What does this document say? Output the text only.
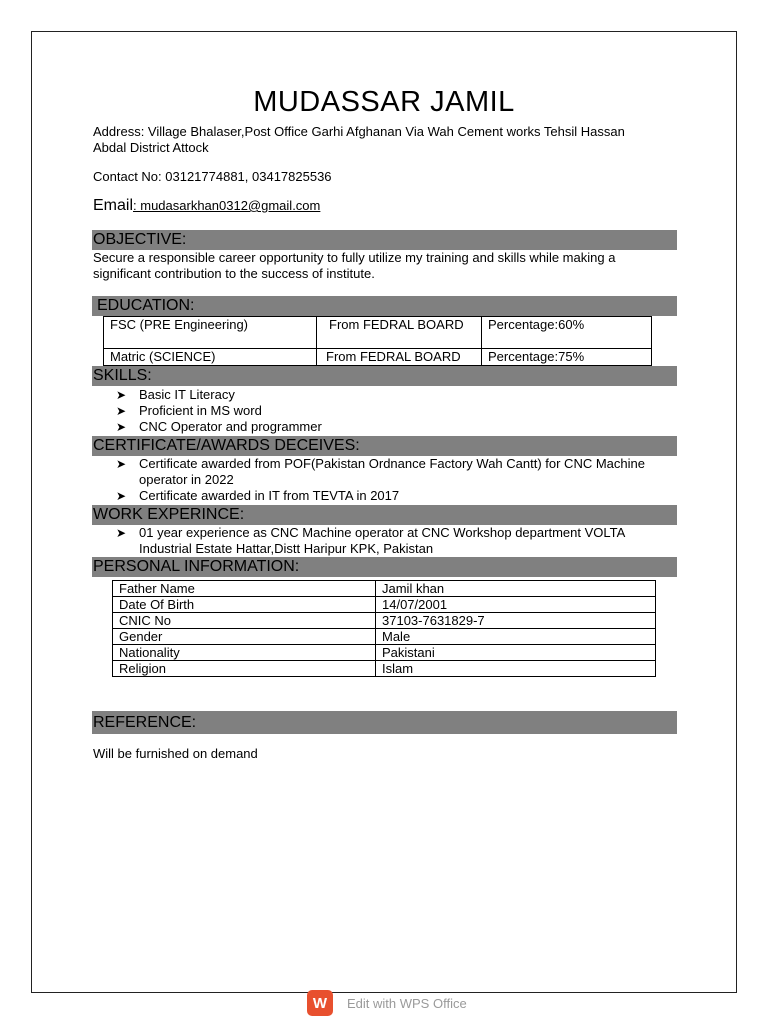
MUDASSAR JAMIL
Address: Village Bhalaser,Post Office Garhi Afghanan Via Wah Cement works Tehsil Hassan Abdal District Attock
Contact No: 03121774881, 03417825536
Email: mudasarkhan0312@gmail.com
OBJECTIVE:
Secure a responsible career opportunity to fully utilize my training and skills while making a significant contribution to the success of institute.
EDUCATION:
FSC (PRE Engineering)	From FEDRAL BOARD	Percentage:60%
Matric (SCIENCE)	From FEDRAL BOARD	Percentage:75%
SKILLS:
➤ Basic IT Literacy
➤ Proficient in MS word
➤ CNC Operator and programmer
CERTIFICATE/AWARDS DECEIVES:
➤ Certificate awarded from POF(Pakistan Ordnance Factory Wah Cantt) for CNC Machine operator in 2022
➤ Certificate awarded in IT from TEVTA in 2017
WORK EXPERINCE:
➤ 01 year experience as CNC Machine operator at CNC Workshop department VOLTA Industrial Estate Hattar,Distt Haripur KPK, Pakistan
PERSONAL INFORMATION:
Father Name	Jamil khan
Date Of Birth	14/07/2001
CNIC No	37103-7631829-7
Gender	Male
Nationality	Pakistani
Religion	Islam
REFERENCE:
Will be furnished on demand
W	Edit with WPS Office
